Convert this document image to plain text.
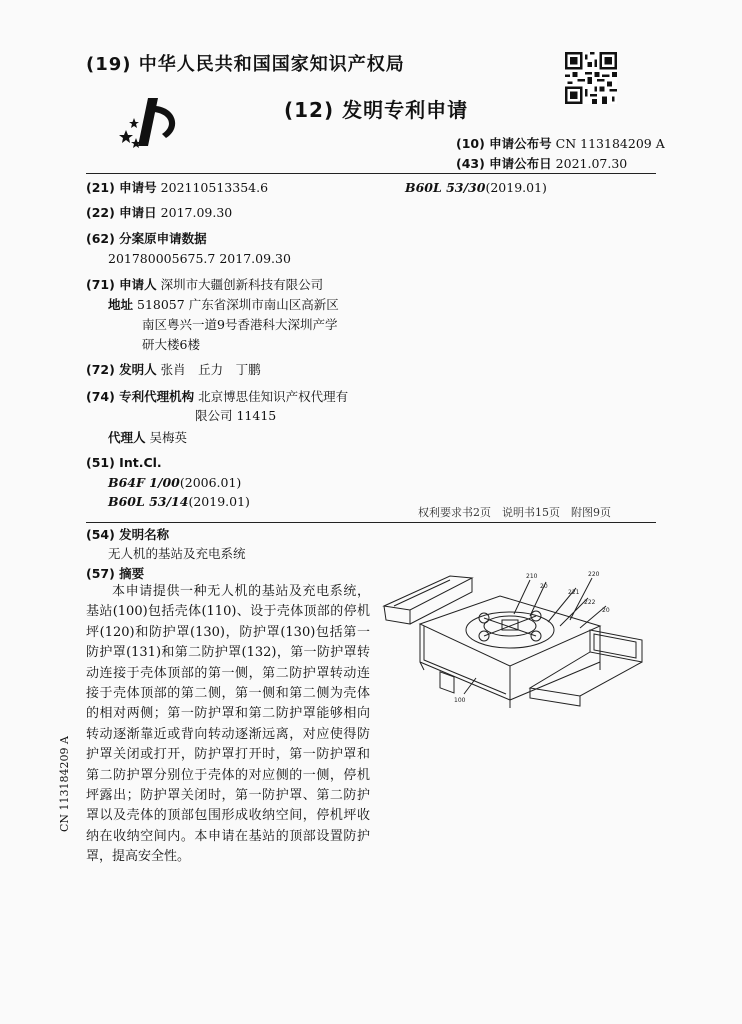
(19) 中华人民共和国国家知识产权局
(12) 发明专利申请
(10) 申请公布号 CN 113184209 A
(43) 申请公布日 2021.07.30
(21) 申请号 202110513354.6	B60L 53/30(2019.01)
(22) 申请日 2017.09.30
(62) 分案原申请数据
201780005675.7 2017.09.30
(71) 申请人 深圳市大疆创新科技有限公司
地址 518057 广东省深圳市南山区高新区
南区粤兴一道9号香港科大深圳产学
研大楼6楼
(72) 发明人 张肖　丘力　丁鹏
(74) 专利代理机构 北京博思佳知识产权代理有
限公司 11415
代理人 吴梅英
(51) Int.Cl.
B64F 1/00(2006.01)
B60L 53/14(2019.01)
权利要求书2页　说明书15页　附图9页
(54) 发明名称
无人机的基站及充电系统
(57) 摘要
本申请提供一种无人机的基站及充电系统，基站(100)包括壳体(110)、设于壳体顶部的停机坪(120)和防护罩(130)，防护罩(130)包括第一防护罩(131)和第二防护罩(132)，第一防护罩转动连接于壳体顶部的第一侧，第二防护罩转动连接于壳体顶部的第二侧，第一侧和第二侧为壳体的相对两侧；第一防护罩和第二防护罩能够相向转动逐渐靠近或背向转动逐渐远离，对应使得防护罩关闭或打开，防护罩打开时，第一防护罩和第二防护罩分别位于壳体的对应侧的一侧，停机坪露出；防护罩关闭时，第一防护罩、第二防护罩以及壳体的顶部包围形成收纳空间，停机坪收纳在收纳空间内。本申请在基站的顶部设置防护罩，提高安全性。
210
20
221
222
220
20
100
CN 113184209 A
